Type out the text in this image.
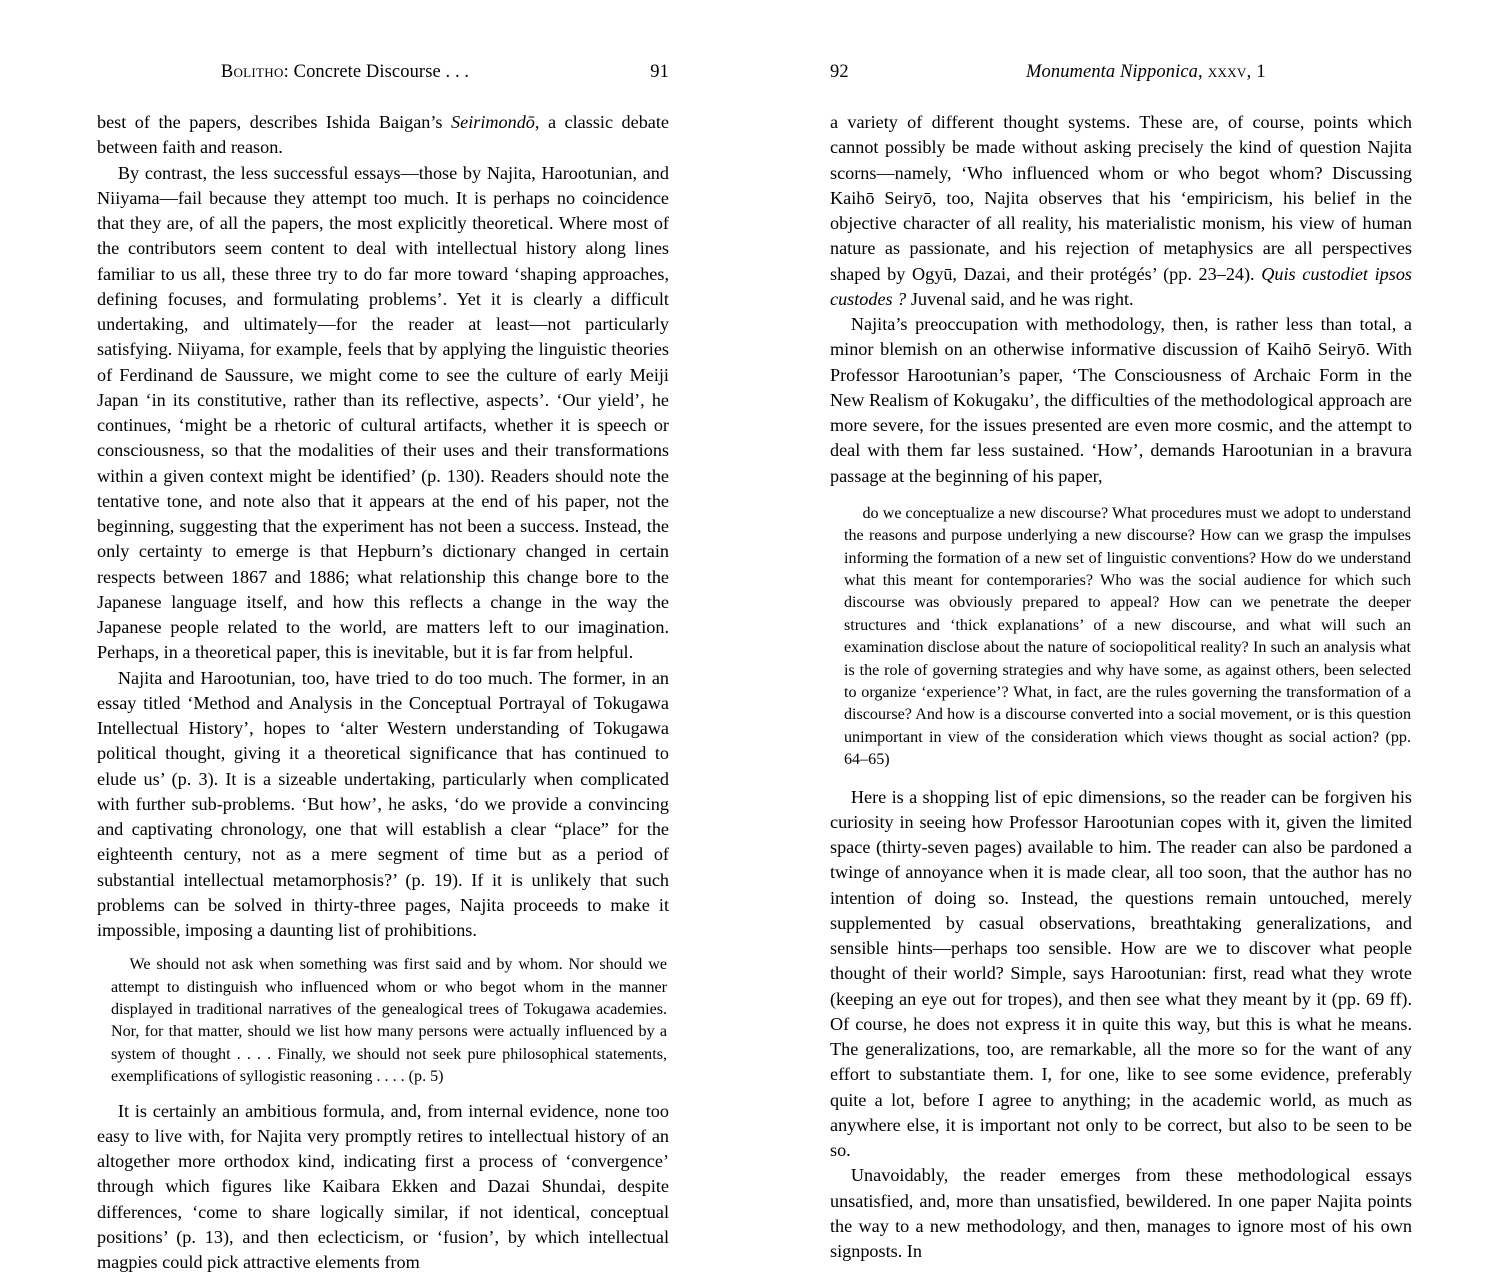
Bolitho: Concrete Discourse . . .	91

best of the papers, describes Ishida Baigan’s Seirimondō, a classic debate between faith and reason.

By contrast, the less successful essays—those by Najita, Harootunian, and Niiyama—fail because they attempt too much. It is perhaps no coincidence that they are, of all the papers, the most explicitly theoretical. Where most of the contributors seem content to deal with intellectual history along lines familiar to us all, these three try to do far more toward ‘shaping approaches, defining focuses, and formulating problems’. Yet it is clearly a difficult undertaking, and ultimately—for the reader at least—not particularly satisfying. Niiyama, for example, feels that by applying the linguistic theories of Ferdinand de Saussure, we might come to see the culture of early Meiji Japan ‘in its constitutive, rather than its reflective, aspects’. ‘Our yield’, he continues, ‘might be a rhetoric of cultural artifacts, whether it is speech or consciousness, so that the modalities of their uses and their transformations within a given context might be identified’ (p. 130). Readers should note the tentative tone, and note also that it appears at the end of his paper, not the beginning, suggesting that the experiment has not been a success. Instead, the only certainty to emerge is that Hepburn’s dictionary changed in certain respects between 1867 and 1886; what relationship this change bore to the Japanese language itself, and how this reflects a change in the way the Japanese people related to the world, are matters left to our imagination. Perhaps, in a theoretical paper, this is inevitable, but it is far from helpful.

Najita and Harootunian, too, have tried to do too much. The former, in an essay titled ‘Method and Analysis in the Conceptual Portrayal of Tokugawa Intellectual History’, hopes to ‘alter Western understanding of Tokugawa political thought, giving it a theoretical significance that has continued to elude us’ (p. 3). It is a sizeable undertaking, particularly when complicated with further sub-problems. ‘But how’, he asks, ‘do we provide a convincing and captivating chronology, one that will establish a clear “place” for the eighteenth century, not as a mere segment of time but as a period of substantial intellectual metamorphosis?’ (p. 19). If it is unlikely that such problems can be solved in thirty-three pages, Najita proceeds to make it impossible, imposing a daunting list of prohibitions.

We should not ask when something was first said and by whom. Nor should we attempt to distinguish who influenced whom or who begot whom in the manner displayed in traditional narratives of the genealogical trees of Tokugawa academies. Nor, for that matter, should we list how many persons were actually influenced by a system of thought . . . . Finally, we should not seek pure philosophical statements, exemplifications of syllogistic reasoning . . . . (p. 5)

It is certainly an ambitious formula, and, from internal evidence, none too easy to live with, for Najita very promptly retires to intellectual history of an altogether more orthodox kind, indicating first a process of ‘convergence’ through which figures like Kaibara Ekken and Dazai Shundai, despite differences, ‘come to share logically similar, if not identical, conceptual positions’ (p. 13), and then eclecticism, or ‘fusion’, by which intellectual magpies could pick attractive elements from

92	Monumenta Nipponica, xxxv, 1

a variety of different thought systems. These are, of course, points which cannot possibly be made without asking precisely the kind of question Najita scorns—namely, ‘Who influenced whom or who begot whom? Discussing Kaihō Seiryō, too, Najita observes that his ‘empiricism, his belief in the objective character of all reality, his materialistic monism, his view of human nature as passionate, and his rejection of metaphysics are all perspectives shaped by Ogyū, Dazai, and their protégés’ (pp. 23–24). Quis custodiet ipsos custodes ? Juvenal said, and he was right.

Najita’s preoccupation with methodology, then, is rather less than total, a minor blemish on an otherwise informative discussion of Kaihō Seiryō. With Professor Harootunian’s paper, ‘The Consciousness of Archaic Form in the New Realism of Kokugaku’, the difficulties of the methodological approach are more severe, for the issues presented are even more cosmic, and the attempt to deal with them far less sustained. ‘How’, demands Harootunian in a bravura passage at the beginning of his paper,

do we conceptualize a new discourse? What procedures must we adopt to understand the reasons and purpose underlying a new discourse? How can we grasp the impulses informing the formation of a new set of linguistic conventions? How do we understand what this meant for contemporaries? Who was the social audience for which such discourse was obviously prepared to appeal? How can we penetrate the deeper structures and ‘thick explanations’ of a new discourse, and what will such an examination disclose about the nature of sociopolitical reality? In such an analysis what is the role of governing strategies and why have some, as against others, been selected to organize ‘experience’? What, in fact, are the rules governing the transformation of a discourse? And how is a discourse converted into a social movement, or is this question unimportant in view of the consideration which views thought as social action? (pp. 64–65)

Here is a shopping list of epic dimensions, so the reader can be forgiven his curiosity in seeing how Professor Harootunian copes with it, given the limited space (thirty-seven pages) available to him. The reader can also be pardoned a twinge of annoyance when it is made clear, all too soon, that the author has no intention of doing so. Instead, the questions remain untouched, merely supplemented by casual observations, breathtaking generalizations, and sensible hints—perhaps too sensible. How are we to discover what people thought of their world? Simple, says Harootunian: first, read what they wrote (keeping an eye out for tropes), and then see what they meant by it (pp. 69 ff). Of course, he does not express it in quite this way, but this is what he means. The generalizations, too, are remarkable, all the more so for the want of any effort to substantiate them. I, for one, like to see some evidence, preferably quite a lot, before I agree to anything; in the academic world, as much as anywhere else, it is important not only to be correct, but also to be seen to be so.

Unavoidably, the reader emerges from these methodological essays unsatisfied, and, more than unsatisfied, bewildered. In one paper Najita points the way to a new methodology, and then, manages to ignore most of his own signposts. In
